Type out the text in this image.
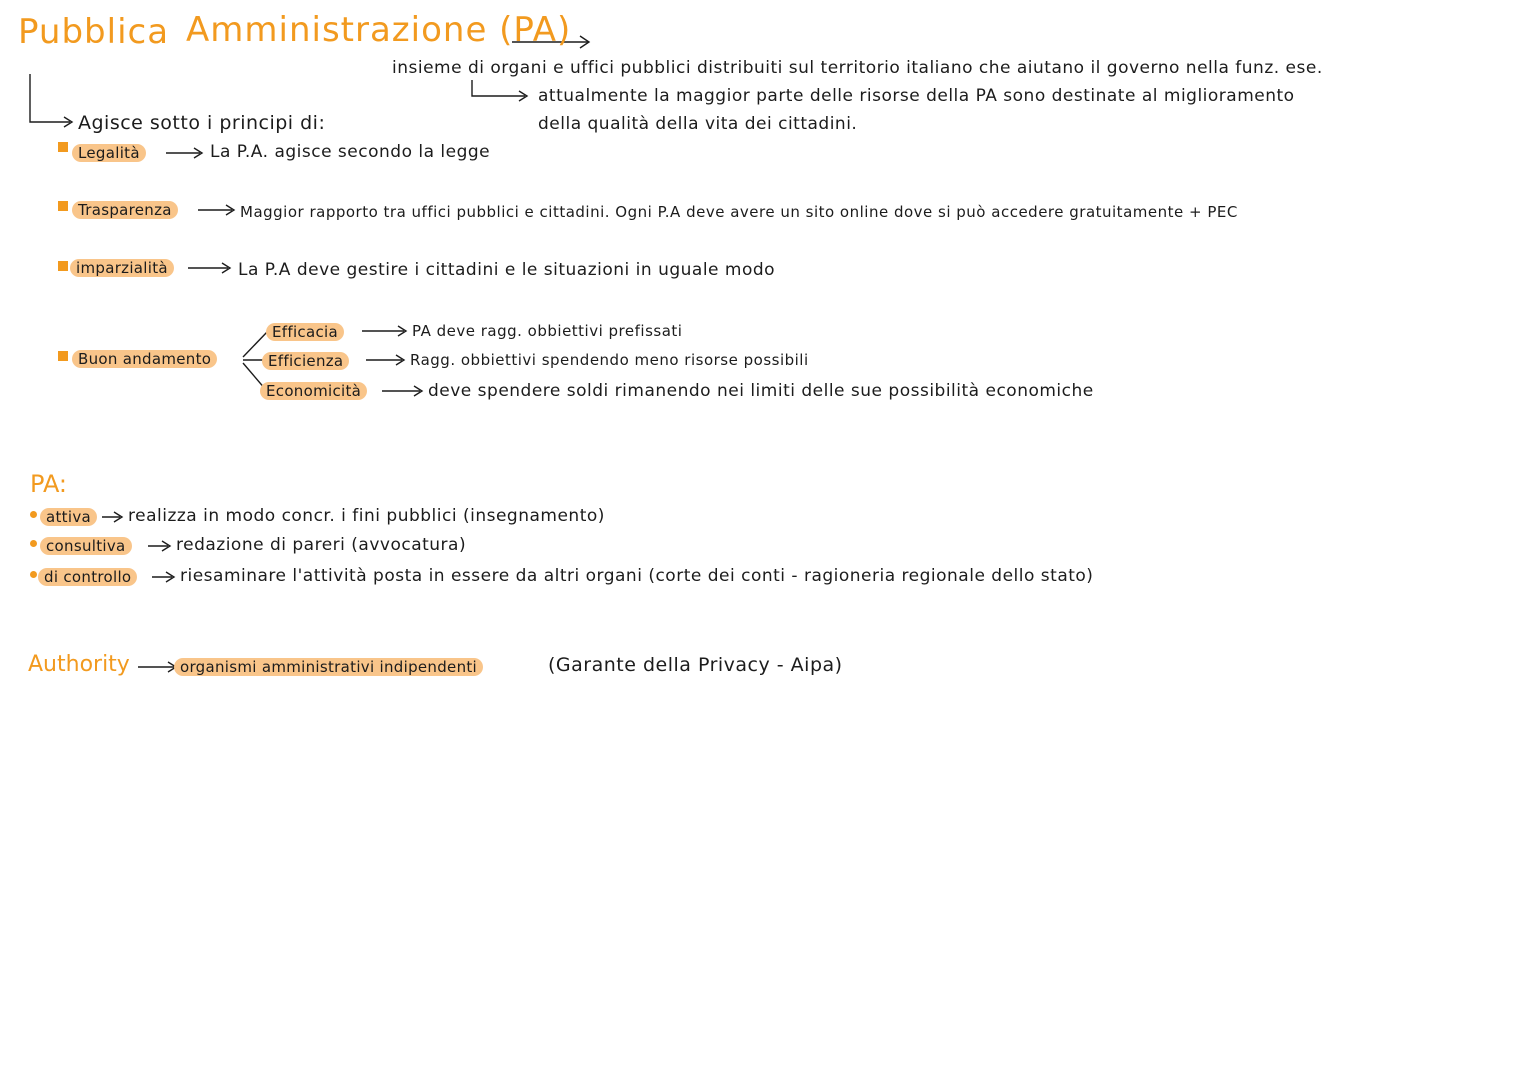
Pubblica Amministrazione (PA)
insieme di organi e uffici pubblici distribuiti sul territorio italiano che aiutano il governo nella funz. ese.
attualmente la maggior parte delle risorse della PA sono destinate al miglioramento
della qualità della vita dei cittadini.
Agisce sotto i principi di:
Legalità	La P.A. agisce secondo la legge
Trasparenza	Maggior rapporto tra uffici pubblici e cittadini. Ogni P.A deve avere un sito online dove si può accedere gratuitamente + PEC
imparzialità	La P.A deve gestire i cittadini e le situazioni in uguale modo
Buon andamento
Efficacia	PA deve ragg. obbiettivi prefissati
Efficienza	Ragg. obbiettivi spendendo meno risorse possibili
Economicità	deve spendere soldi rimanendo nei limiti delle sue possibilità economiche
PA:
attiva	realizza in modo concr. i fini pubblici (insegnamento)
consultiva	redazione di pareri (avvocatura)
di controllo	riesaminare l'attività posta in essere da altri organi (corte dei conti - ragioneria regionale dello stato)
Authority	organismi amministrativi indipendenti	(Garante della Privacy - Aipa)
